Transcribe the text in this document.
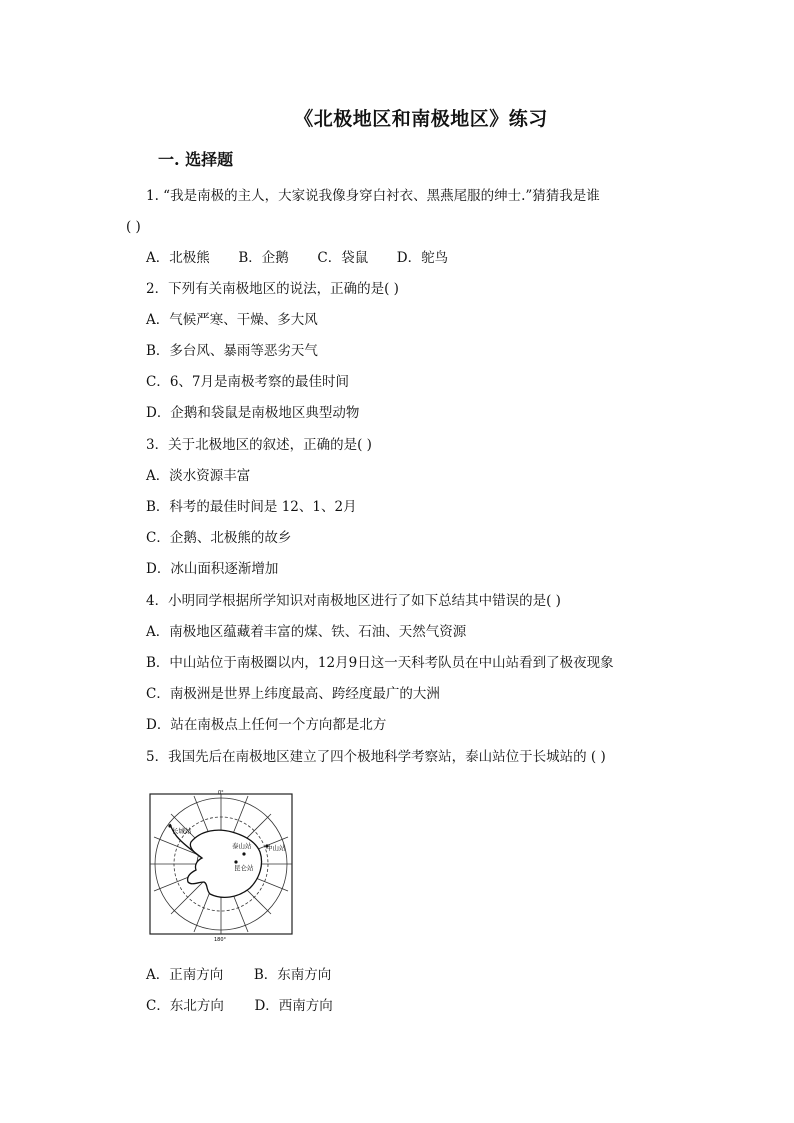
《北极地区和南极地区》练习
一. 选择题
1. “我是南极的主人，大家说我像身穿白衬衣、黑燕尾服的绅士.”猜猜我是谁
( )
A．北极熊 B．企鹅 C．袋鼠 D．鸵鸟
2．下列有关南极地区的说法，正确的是( )
A．气候严寒、干燥、多大风
B．多台风、暴雨等恶劣天气
C．6、7月是南极考察的最佳时间
D．企鹅和袋鼠是南极地区典型动物
3．关于北极地区的叙述，正确的是( )
A．淡水资源丰富
B．科考的最佳时间是 12、1、2月
C．企鹅、北极熊的故乡
D．冰山面积逐渐增加
4．小明同学根据所学知识对南极地区进行了如下总结其中错误的是( )
A．南极地区蕴藏着丰富的煤、铁、石油、天然气资源
B．中山站位于南极圈以内，12月9日这一天科考队员在中山站看到了极夜现象
C．南极洲是世界上纬度最高、跨经度最广的大洲
D．站在南极点上任何一个方向都是北方
5．我国先后在南极地区建立了四个极地科学考察站，泰山站位于长城站的 ( )
0°
180°
长城站
泰山站 中山站
昆仑站
A．正南方向 B．东南方向
C．东北方向 D．西南方向
